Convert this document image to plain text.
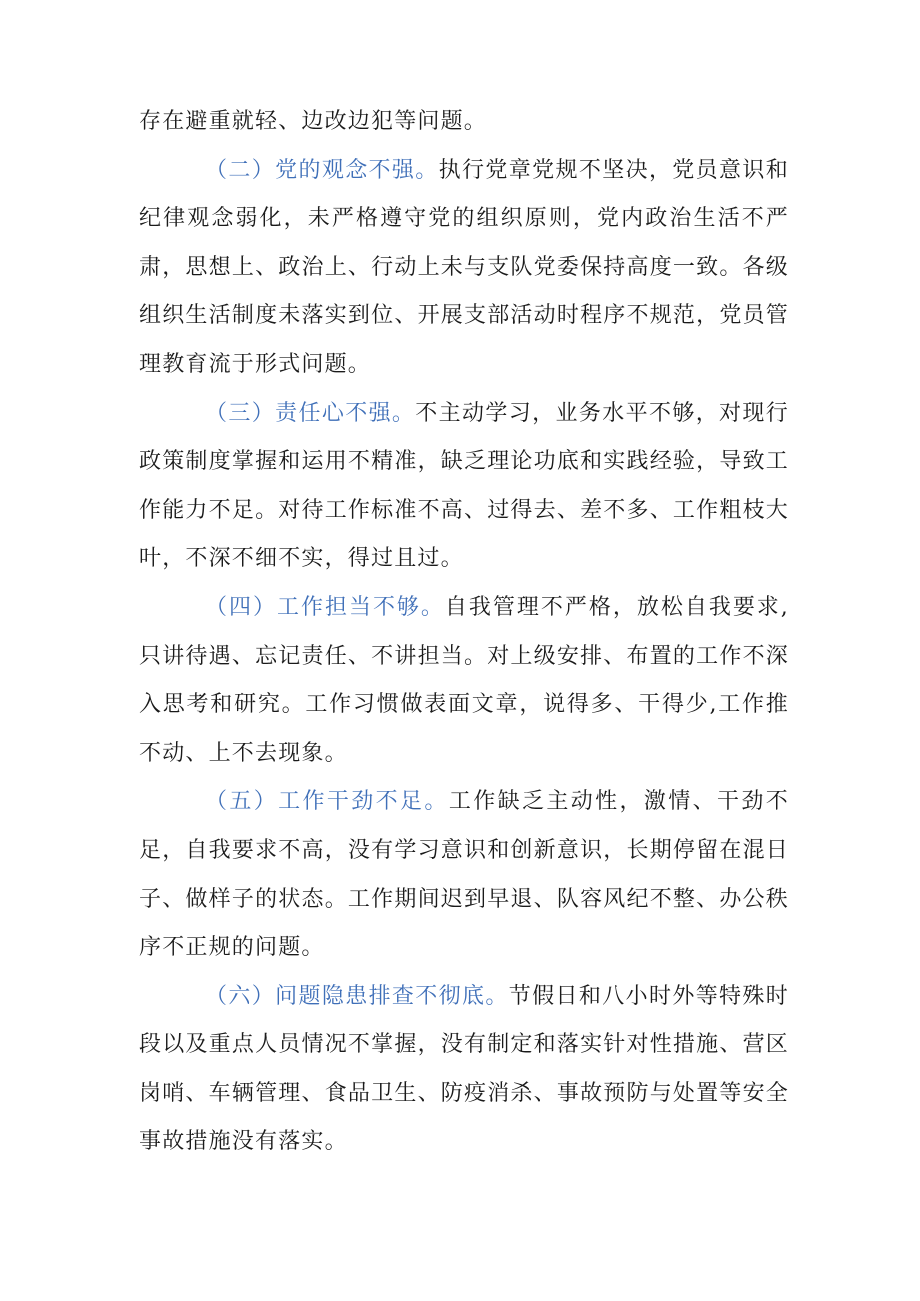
存在避重就轻、边改边犯等问题。

（二）党的观念不强。执行党章党规不坚决，党员意识和纪律观念弱化，未严格遵守党的组织原则，党内政治生活不严肃，思想上、政治上、行动上未与支队党委保持高度一致。各级组织生活制度未落实到位、开展支部活动时程序不规范，党员管理教育流于形式问题。

（三）责任心不强。不主动学习，业务水平不够，对现行政策制度掌握和运用不精准，缺乏理论功底和实践经验，导致工作能力不足。对待工作标准不高、过得去、差不多、工作粗枝大叶，不深不细不实，得过且过。

（四）工作担当不够。自我管理不严格，放松自我要求,只讲待遇、忘记责任、不讲担当。对上级安排、布置的工作不深入思考和研究。工作习惯做表面文章，说得多、干得少,工作推不动、上不去现象。

（五）工作干劲不足。工作缺乏主动性，激情、干劲不足，自我要求不高，没有学习意识和创新意识，长期停留在混日子、做样子的状态。工作期间迟到早退、队容风纪不整、办公秩序不正规的问题。

（六）问题隐患排查不彻底。节假日和八小时外等特殊时段以及重点人员情况不掌握，没有制定和落实针对性措施、营区岗哨、车辆管理、食品卫生、防疫消杀、事故预防与处置等安全事故措施没有落实。
